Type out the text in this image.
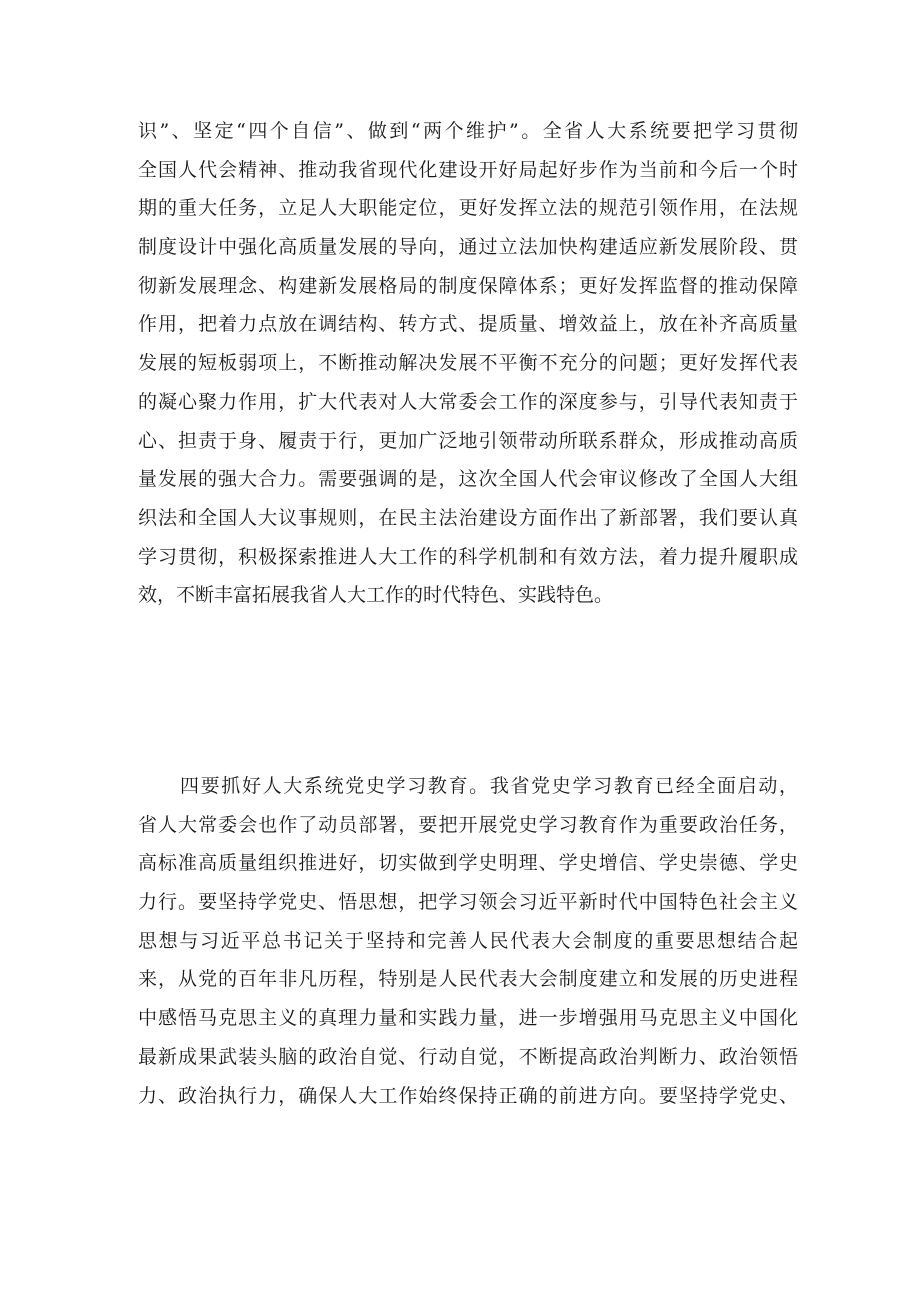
识”、坚定“四个自信”、做到“两个维护”。全省人大系统要把学习贯彻
全国人代会精神、推动我省现代化建设开好局起好步作为当前和今后一个时
期的重大任务，立足人大职能定位，更好发挥立法的规范引领作用，在法规
制度设计中强化高质量发展的导向，通过立法加快构建适应新发展阶段、贯
彻新发展理念、构建新发展格局的制度保障体系；更好发挥监督的推动保障
作用，把着力点放在调结构、转方式、提质量、增效益上，放在补齐高质量
发展的短板弱项上，不断推动解决发展不平衡不充分的问题；更好发挥代表
的凝心聚力作用，扩大代表对人大常委会工作的深度参与，引导代表知责于
心、担责于身、履责于行，更加广泛地引领带动所联系群众，形成推动高质
量发展的强大合力。需要强调的是，这次全国人代会审议修改了全国人大组
织法和全国人大议事规则，在民主法治建设方面作出了新部署，我们要认真
学习贯彻，积极探索推进人大工作的科学机制和有效方法，着力提升履职成
效，不断丰富拓展我省人大工作的时代特色、实践特色。

四要抓好人大系统党史学习教育。我省党史学习教育已经全面启动，
省人大常委会也作了动员部署，要把开展党史学习教育作为重要政治任务，
高标准高质量组织推进好，切实做到学史明理、学史增信、学史崇德、学史
力行。要坚持学党史、悟思想，把学习领会习近平新时代中国特色社会主义
思想与习近平总书记关于坚持和完善人民代表大会制度的重要思想结合起
来，从党的百年非凡历程，特别是人民代表大会制度建立和发展的历史进程
中感悟马克思主义的真理力量和实践力量，进一步增强用马克思主义中国化
最新成果武装头脑的政治自觉、行动自觉，不断提高政治判断力、政治领悟
力、政治执行力，确保人大工作始终保持正确的前进方向。要坚持学党史、
